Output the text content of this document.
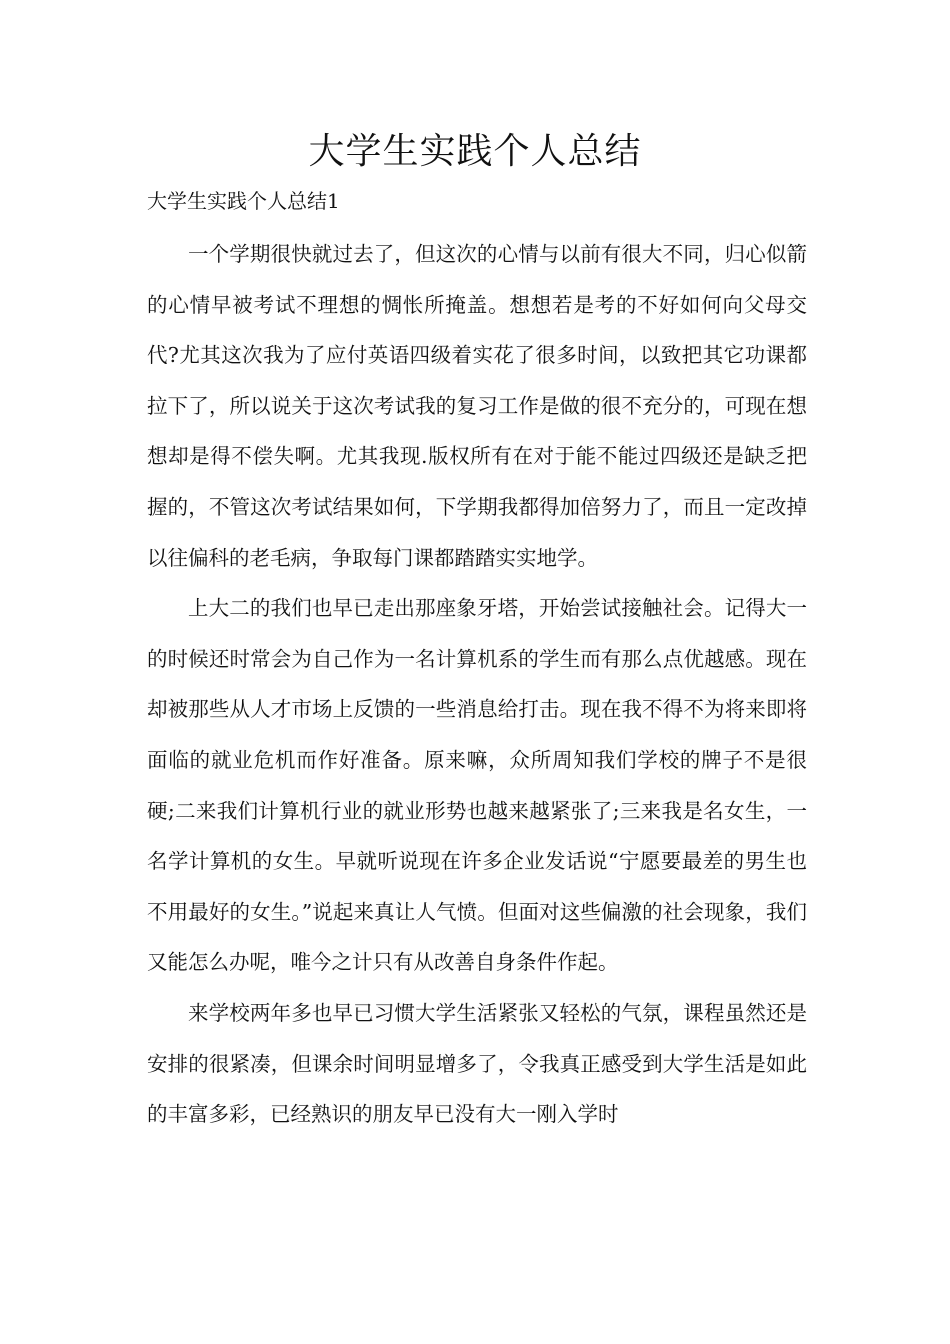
大学生实践个人总结
大学生实践个人总结1

一个学期很快就过去了，但这次的心情与以前有很大不同，归心似箭的心情早被考试不理想的惆怅所掩盖。想想若是考的不好如何向父母交代?尤其这次我为了应付英语四级着实花了很多时间，以致把其它功课都拉下了，所以说关于这次考试我的复习工作是做的很不充分的，可现在想想却是得不偿失啊。尤其我现.版权所有在对于能不能过四级还是缺乏把握的，不管这次考试结果如何，下学期我都得加倍努力了，而且一定改掉以往偏科的老毛病，争取每门课都踏踏实实地学。

上大二的我们也早已走出那座象牙塔，开始尝试接触社会。记得大一的时候还时常会为自己作为一名计算机系的学生而有那么点优越感。现在却被那些从人才市场上反馈的一些消息给打击。现在我不得不为将来即将面临的就业危机而作好准备。原来嘛，众所周知我们学校的牌子不是很硬;二来我们计算机行业的就业形势也越来越紧张了;三来我是名女生，一名学计算机的女生。早就听说现在许多企业发话说“宁愿要最差的男生也不用最好的女生。”说起来真让人气愤。但面对这些偏激的社会现象，我们又能怎么办呢，唯今之计只有从改善自身条件作起。

来学校两年多也早已习惯大学生活紧张又轻松的气氛，课程虽然还是安排的很紧凑，但课余时间明显增多了，令我真正感受到大学生活是如此的丰富多彩，已经熟识的朋友早已没有大一刚入学时
